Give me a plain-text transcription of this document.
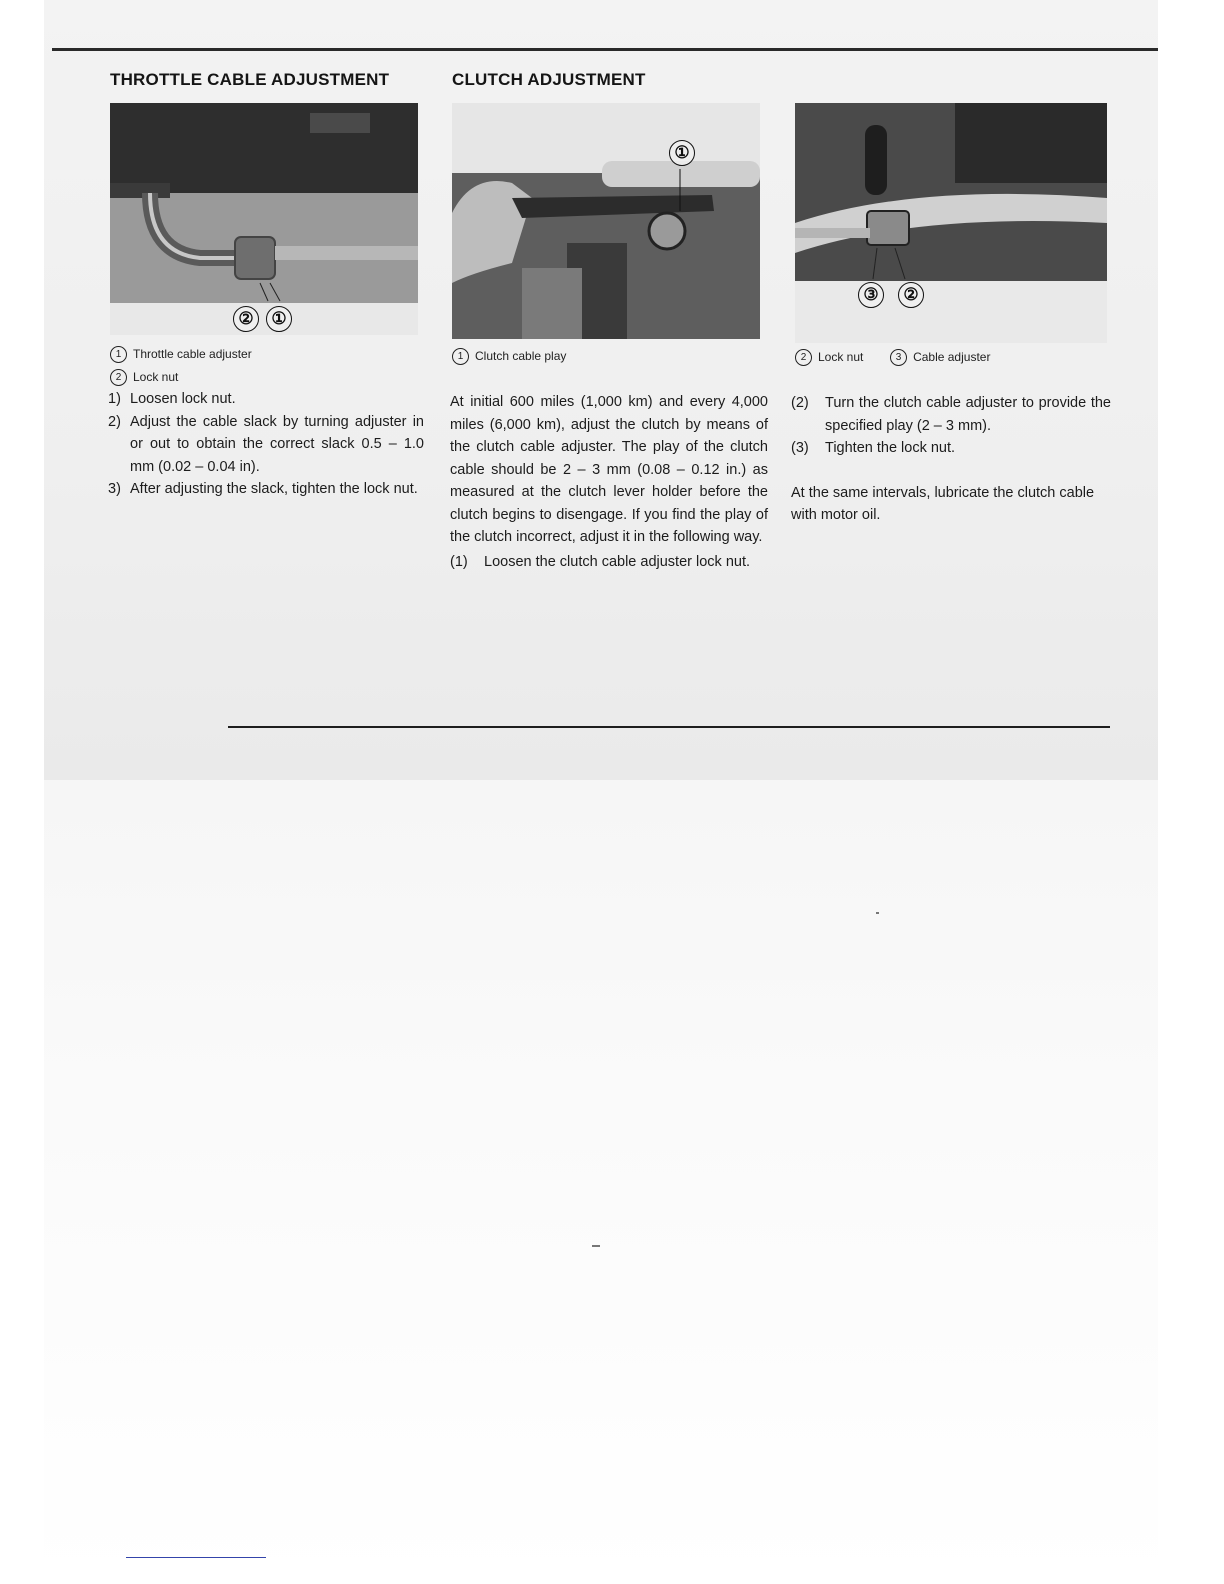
THROTTLE CABLE ADJUSTMENT
②	①
1 Throttle cable adjuster
2 Lock nut
1) Loosen lock nut.
2) Adjust the cable slack by turning adjuster in or out to obtain the correct slack 0.5 – 1.0 mm (0.02 – 0.04 in).
3) After adjusting the slack, tighten the lock nut.
CLUTCH ADJUSTMENT
①
1 Clutch cable play

At initial 600 miles (1,000 km) and every 4,000 miles (6,000 km), adjust the clutch by means of the clutch cable adjuster. The play of the clutch cable should be 2 – 3 mm (0.08 – 0.12 in.) as measured at the clutch lever holder before the clutch begins to disengage. If you find the play of the clutch incorrect, adjust it in the following way.

(1) Loosen the clutch cable adjuster lock nut.
③	②
2 Lock nut	3 Cable adjuster
(2) Turn the clutch cable adjuster to provide the specified play (2 – 3 mm).
(3) Tighten the lock nut.

At the same intervals, lubricate the clutch cable with motor oil.
